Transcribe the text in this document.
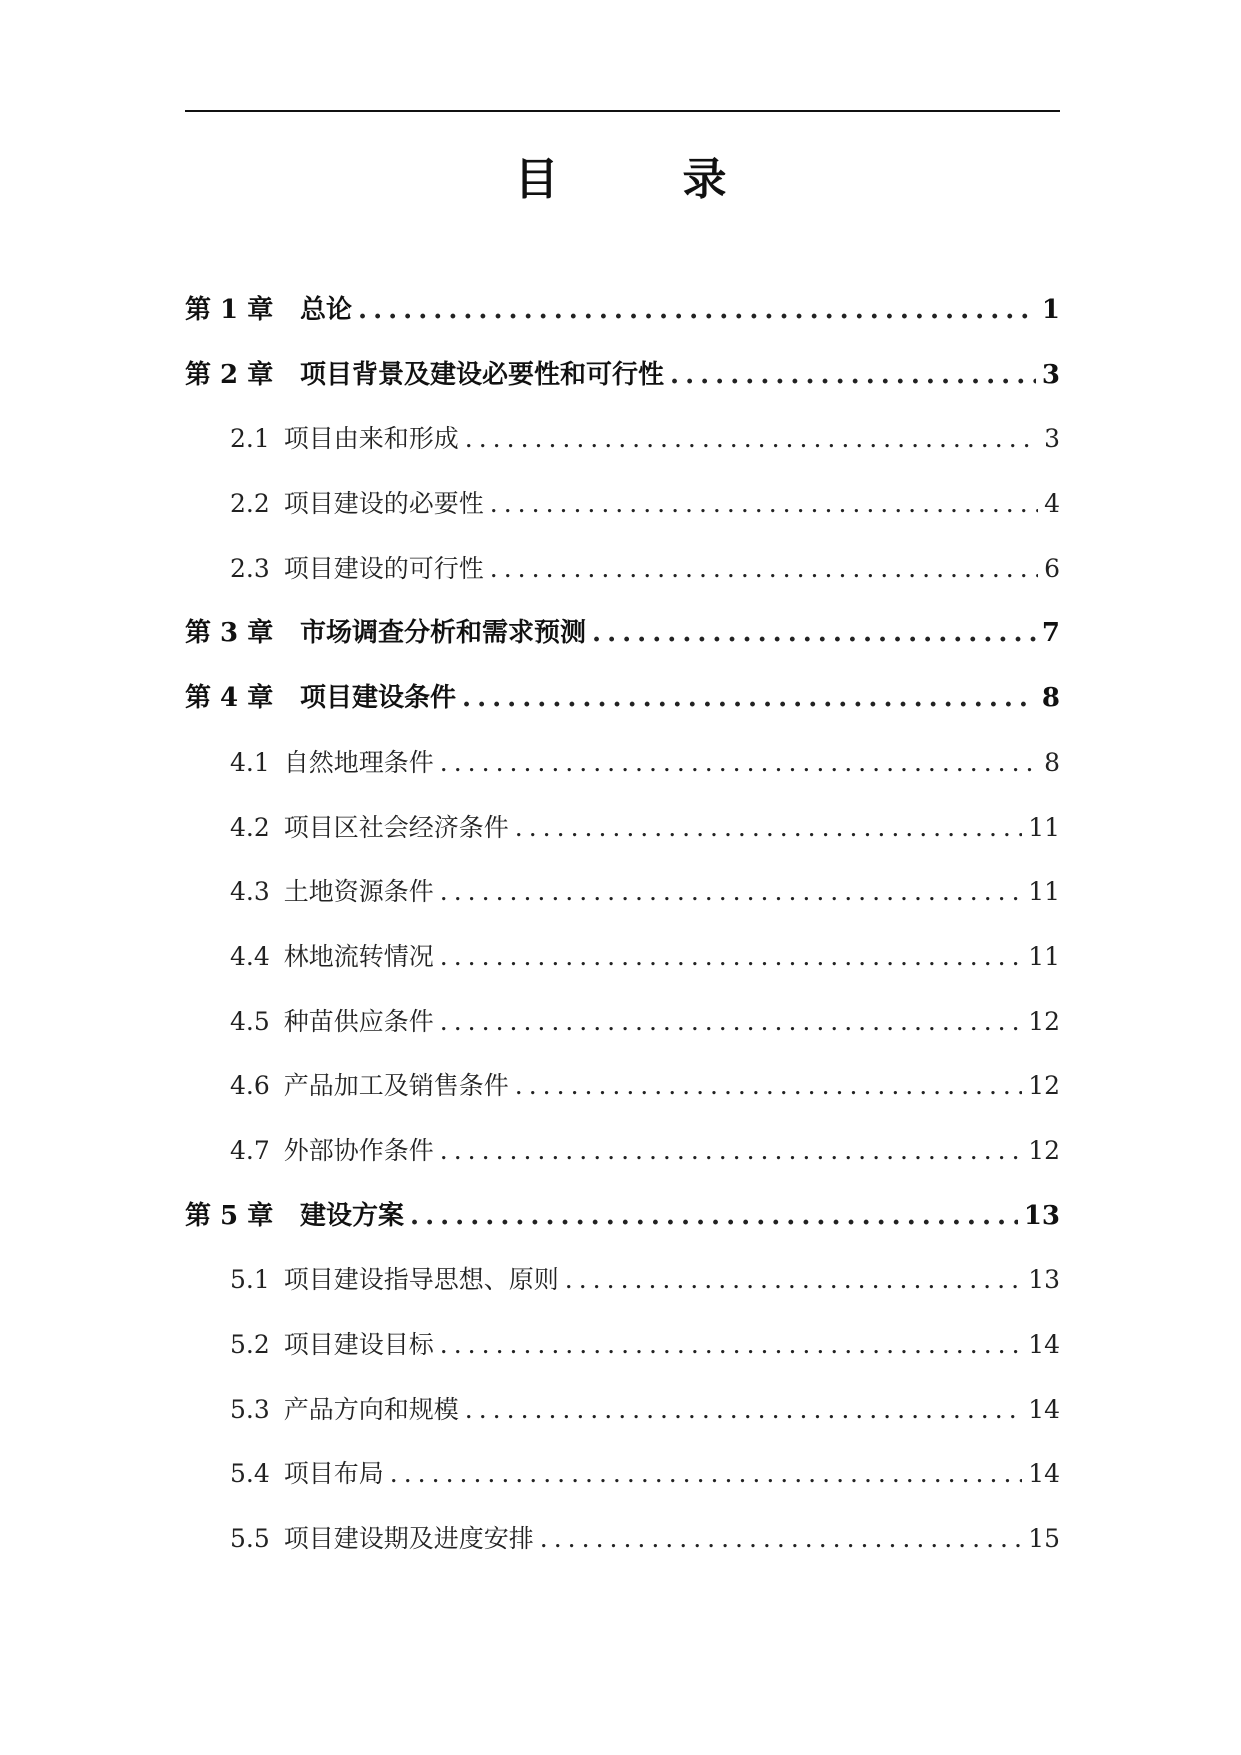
目　录
第 1 章	总论 .....	1
第 2 章	项目背景及建设必要性和可行性 .....	3
2.1 项目由来和形成 .....	3
2.2 项目建设的必要性 .....	4
2.3 项目建设的可行性 .....	6
第 3 章	市场调查分析和需求预测 .....	7
第 4 章	项目建设条件 .....	8
4.1 自然地理条件 .....	8
4.2 项目区社会经济条件 .....	11
4.3 土地资源条件 .....	11
4.4 林地流转情况 .....	11
4.5 种苗供应条件 .....	12
4.6 产品加工及销售条件 .....	12
4.7 外部协作条件 .....	12
第 5 章	建设方案 .....	13
5.1 项目建设指导思想、原则 .....	13
5.2 项目建设目标 .....	14
5.3 产品方向和规模 .....	14
5.4 项目布局 .....	14
5.5 项目建设期及进度安排 .....	15
